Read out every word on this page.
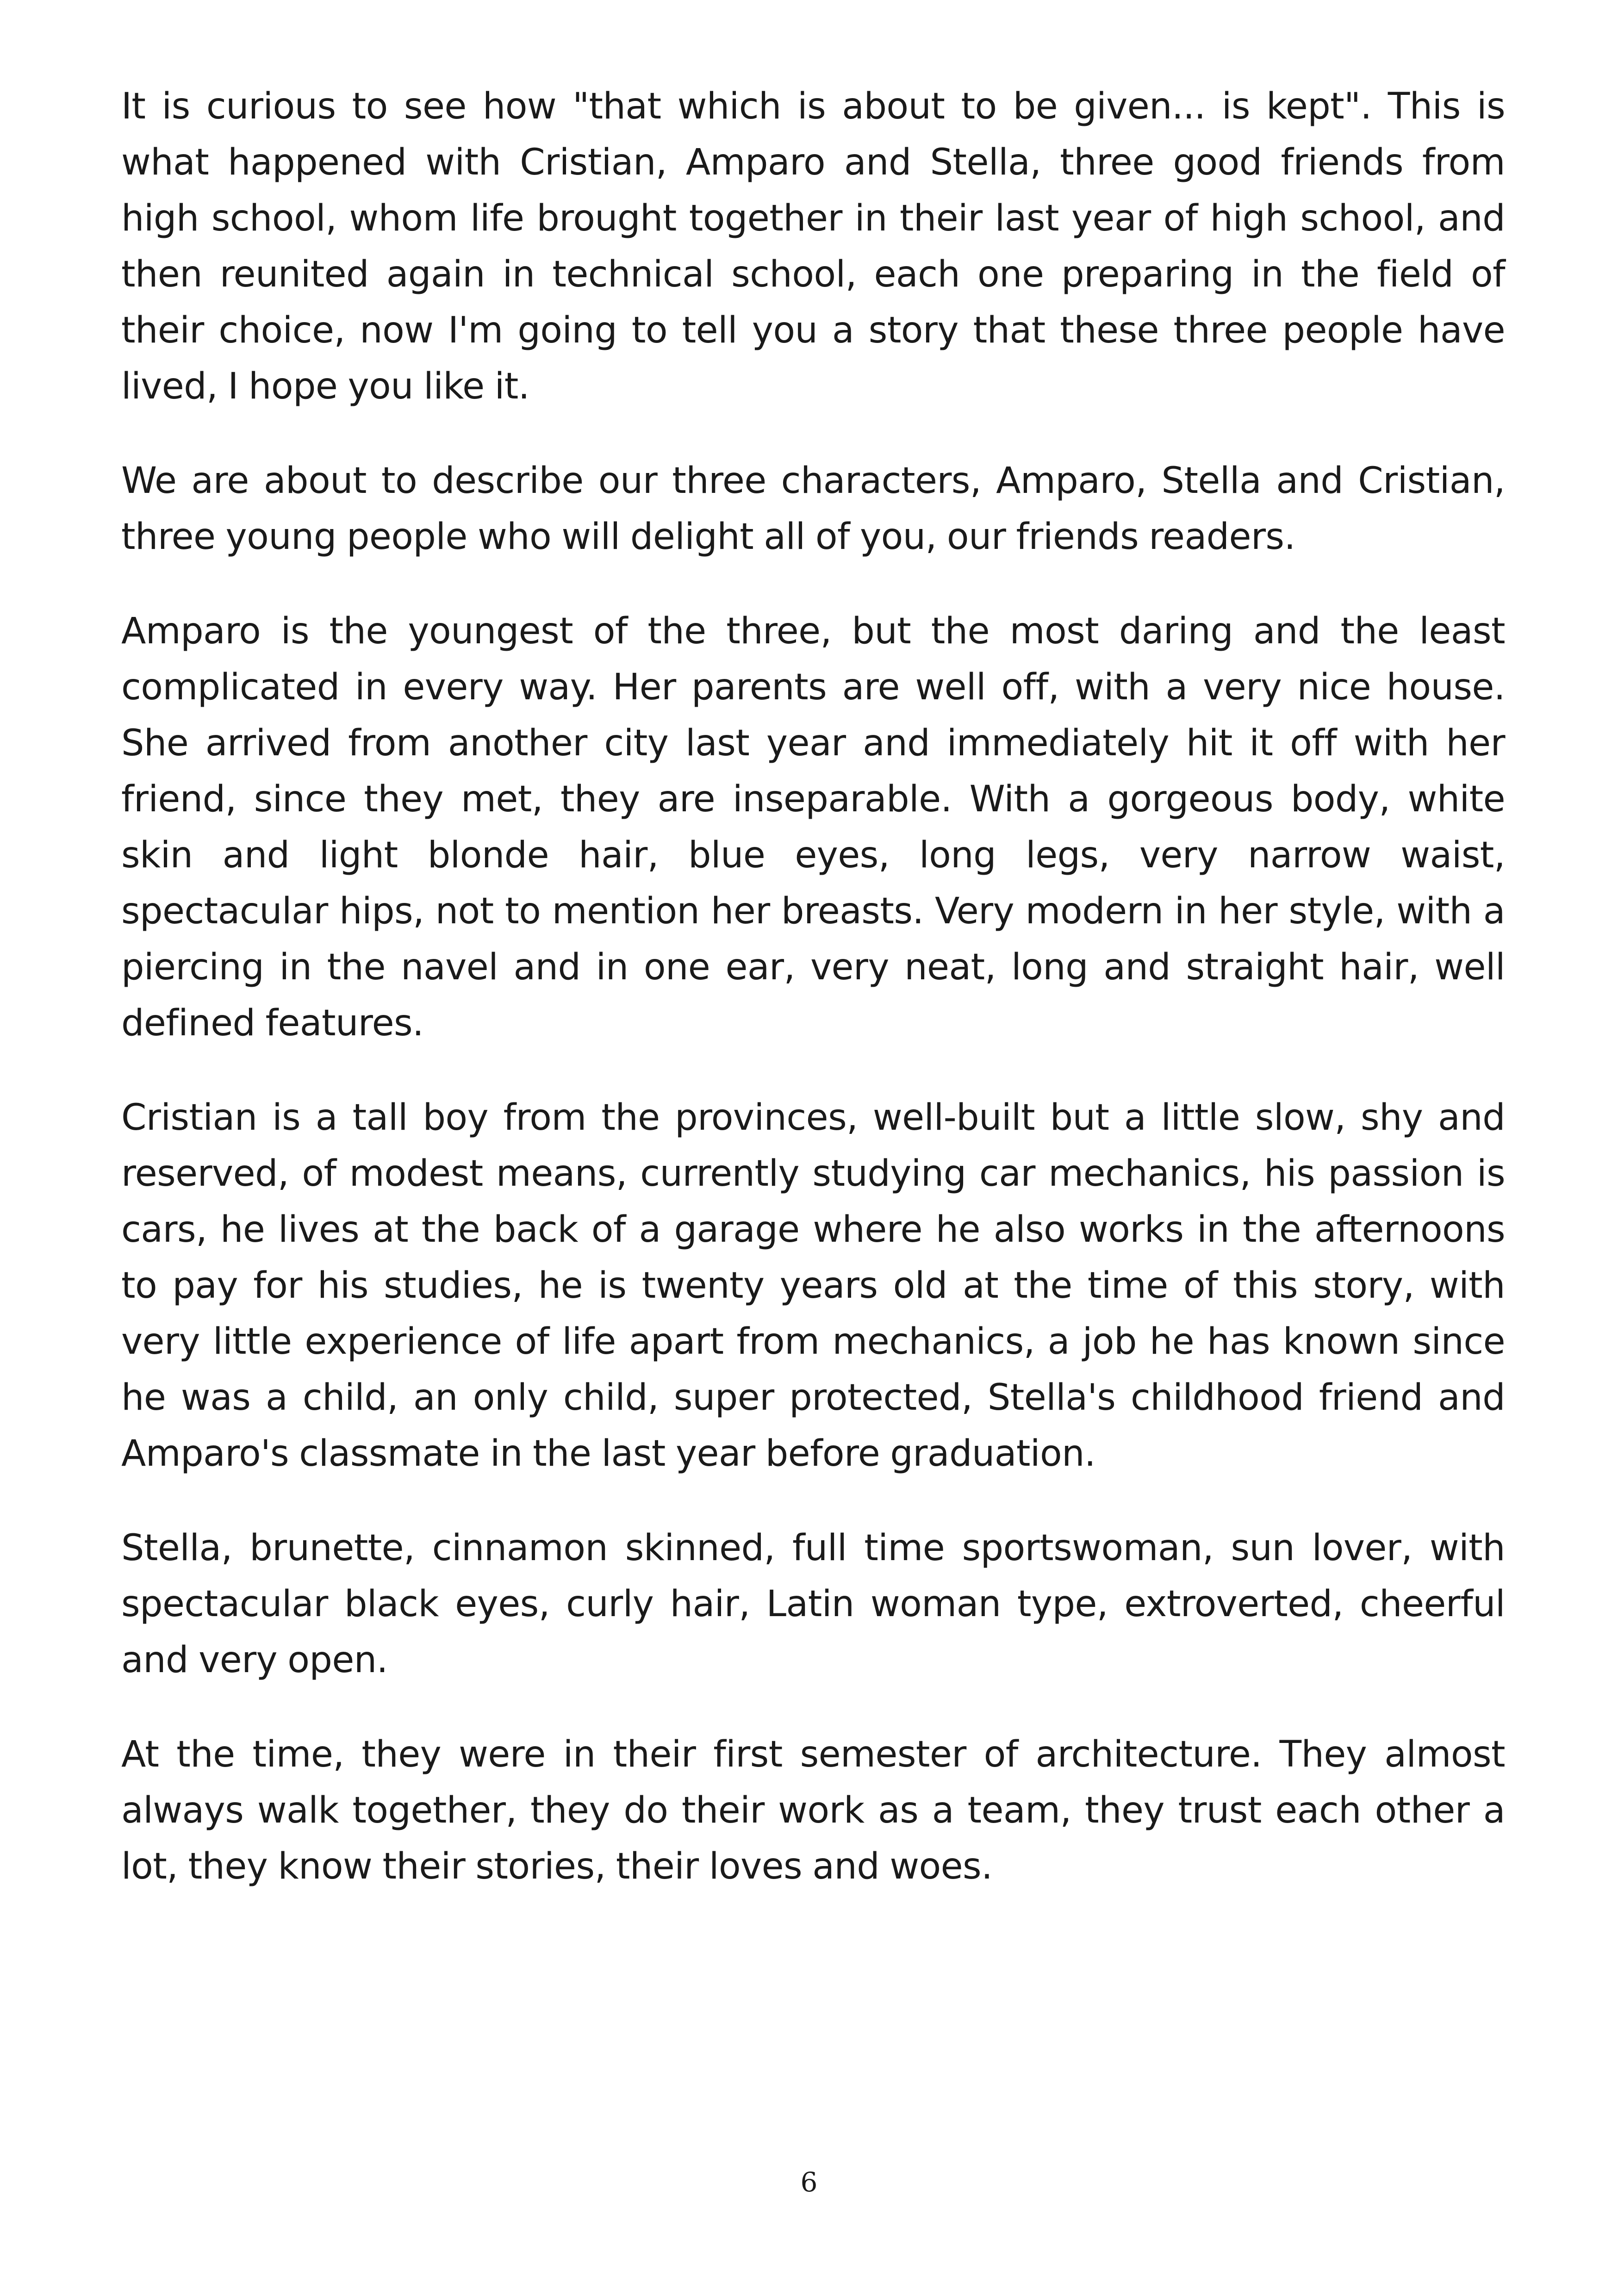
It is curious to see how "that which is about to be given... is kept". This is what happened with Cristian, Amparo and Stella, three good friends from high school, whom life brought together in their last year of high school, and then reunited again in technical school, each one preparing in the field of their choice, now I'm going to tell you a story that these three people have lived, I hope you like it.

We are about to describe our three characters, Amparo, Stella and Cristian, three young people who will delight all of you, our friends readers.

Amparo is the youngest of the three, but the most daring and the least complicated in every way. Her parents are well off, with a very nice house. She arrived from another city last year and immediately hit it off with her friend, since they met, they are inseparable. With a gorgeous body, white skin and light blonde hair, blue eyes, long legs, very narrow waist, spectacular hips, not to mention her breasts. Very modern in her style, with a piercing in the navel and in one ear, very neat, long and straight hair, well defined features.

Cristian is a tall boy from the provinces, well-built but a little slow, shy and reserved, of modest means, currently studying car mechanics, his passion is cars, he lives at the back of a garage where he also works in the afternoons to pay for his studies, he is twenty years old at the time of this story, with very little experience of life apart from mechanics, a job he has known since he was a child, an only child, super protected, Stella's childhood friend and Amparo's classmate in the last year before graduation.

Stella, brunette, cinnamon skinned, full time sportswoman, sun lover, with spectacular black eyes, curly hair, Latin woman type, extroverted, cheerful and very open.

At the time, they were in their first semester of architecture. They almost always walk together, they do their work as a team, they trust each other a lot, they know their stories, their loves and woes.

6
